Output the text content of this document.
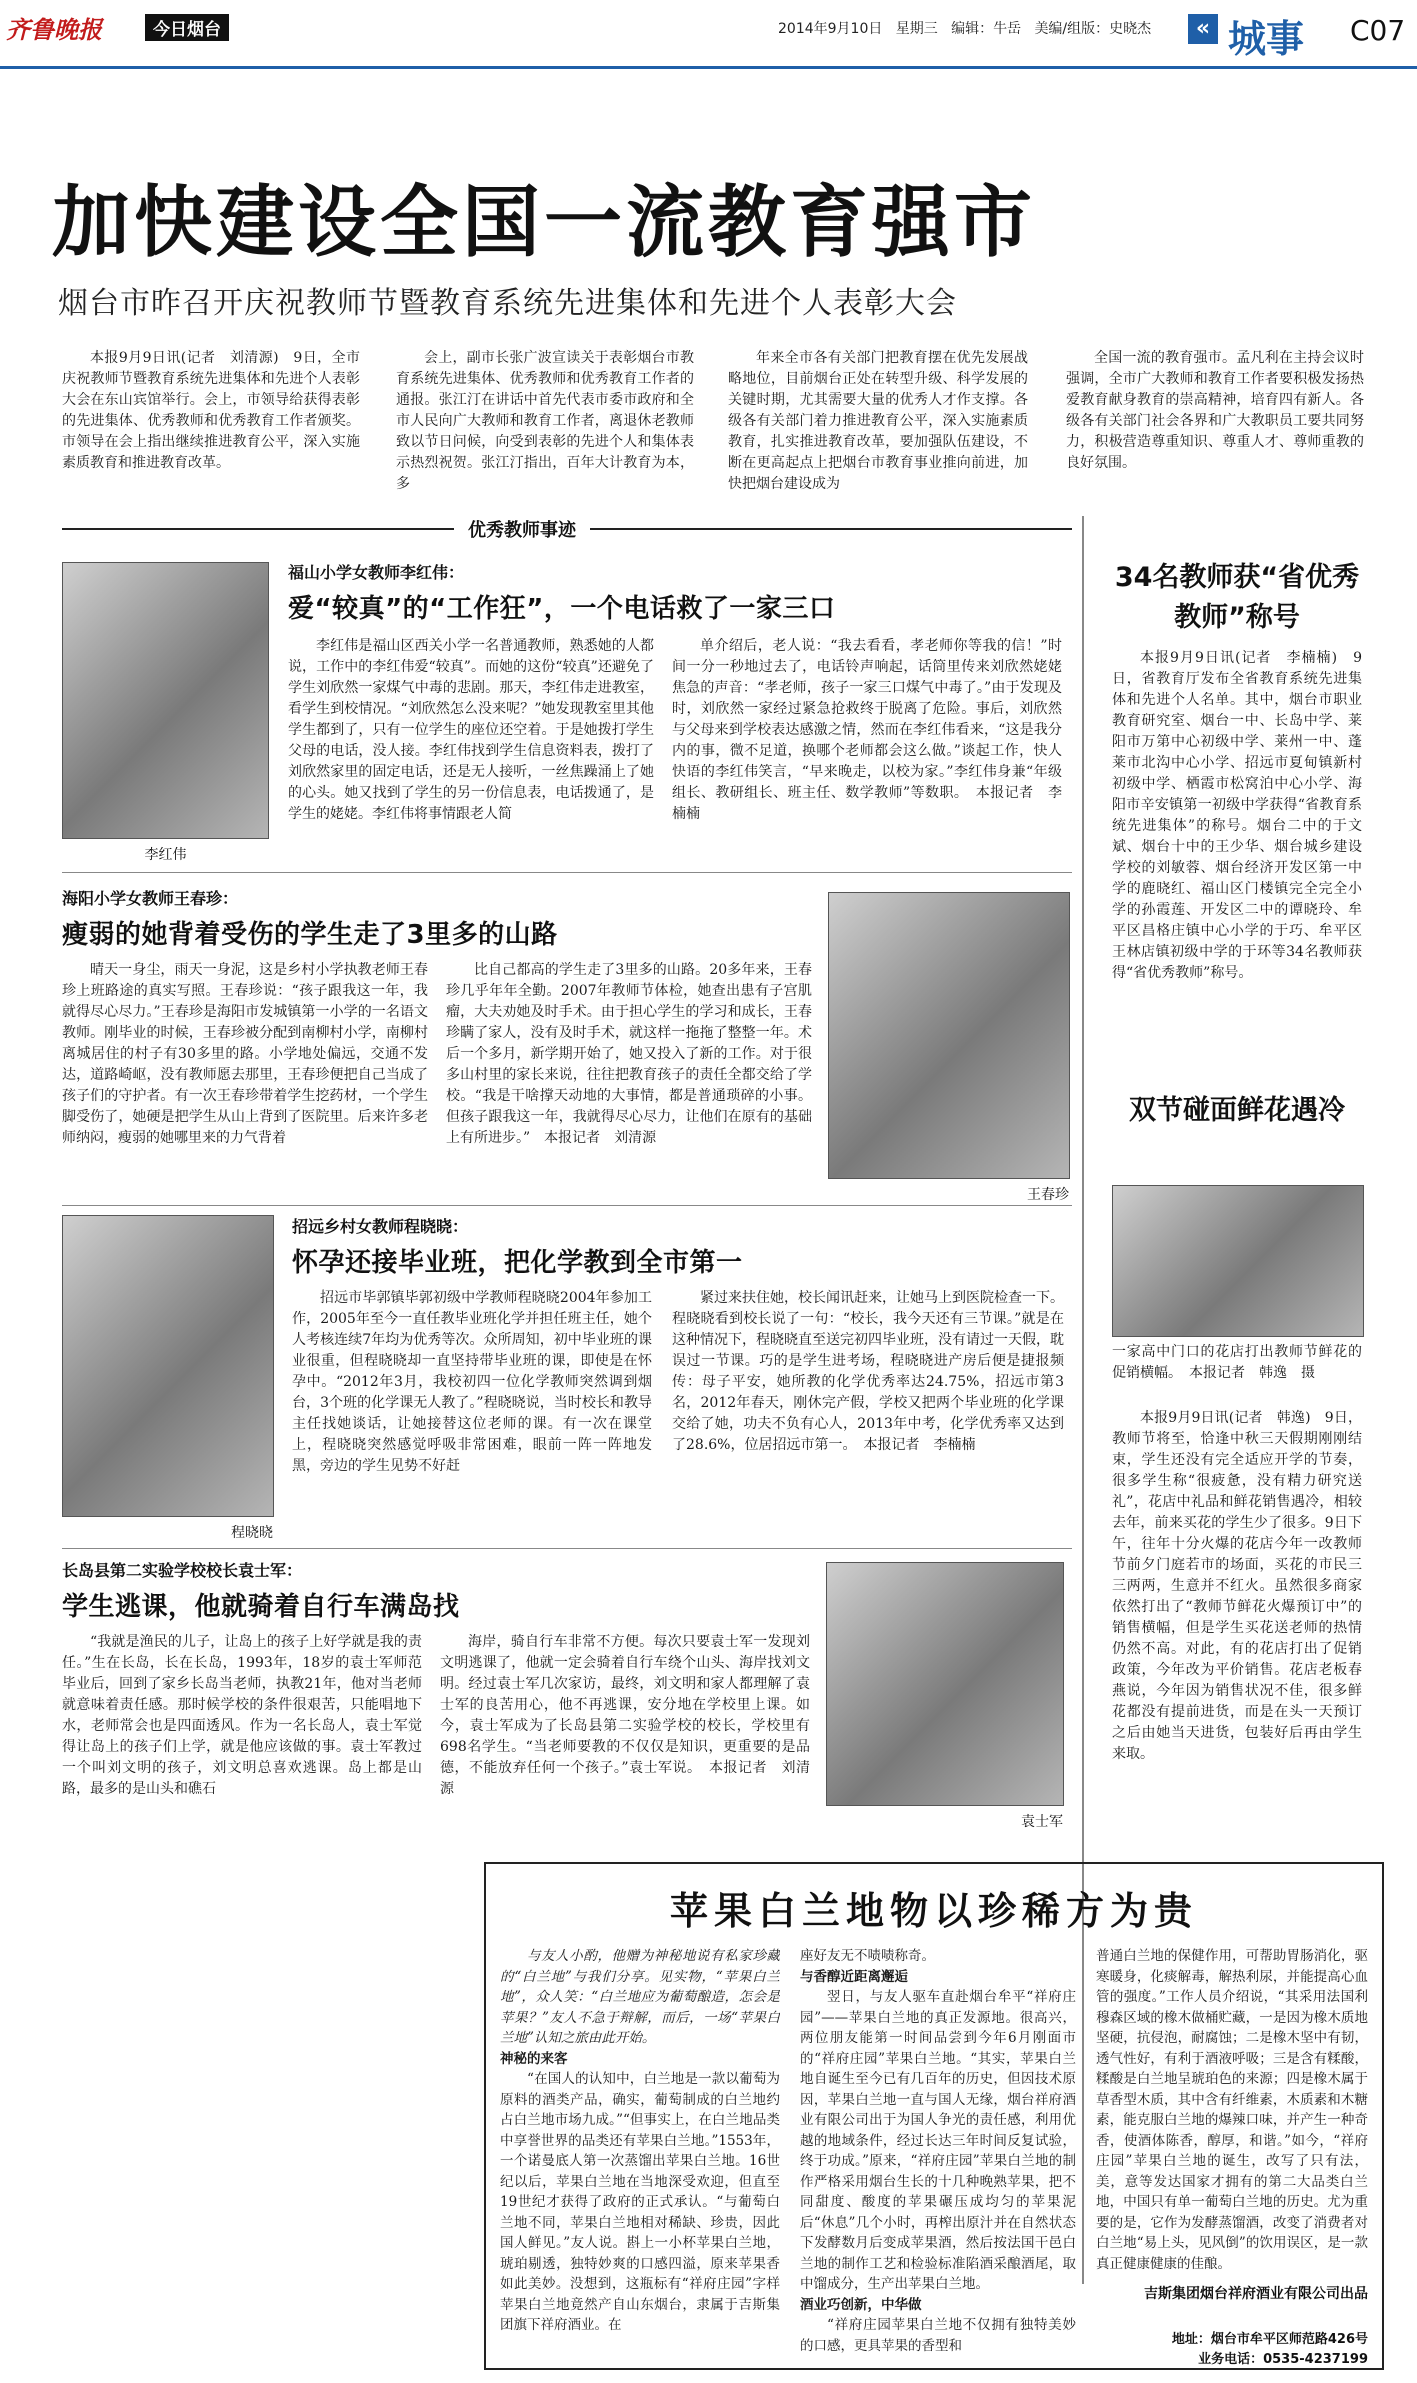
齐鲁晚报	今日烟台	2014年9月10日 星期三 编辑：牛岳 美编/组版：史晓杰	« 城事 C07
加快建设全国一流教育强市
烟台市昨召开庆祝教师节暨教育系统先进集体和先进个人表彰大会

本报9月9日讯(记者　刘清源)　9日，全市庆祝教师节暨教育系统先进集体和先进个人表彰大会在东山宾馆举行。会上，市领导给获得表彰的先进集体、优秀教师和优秀教育工作者颁奖。市领导在会上指出继续推进教育公平，深入实施素质教育和推进教育改革。

会上，副市长张广波宣读关于表彰烟台市教育系统先进集体、优秀教师和优秀教育工作者的通报。张江汀在讲话中首先代表市委市政府和全市人民向广大教师和教育工作者，离退休老教师致以节日问候，向受到表彰的先进个人和集体表示热烈祝贺。张江汀指出，百年大计教育为本，多

年来全市各有关部门把教育摆在优先发展战略地位，目前烟台正处在转型升级、科学发展的关键时期，尤其需要大量的优秀人才作支撑。各级各有关部门着力推进教育公平，深入实施素质教育，扎实推进教育改革，要加强队伍建设，不断在更高起点上把烟台市教育事业推向前进，加快把烟台建设成为

全国一流的教育强市。孟凡利在主持会议时强调，全市广大教师和教育工作者要积极发扬热爱教育献身教育的崇高精神，培育四有新人。各级各有关部门社会各界和广大教职员工要共同努力，积极营造尊重知识、尊重人才、尊师重教的良好氛围。

优秀教师事迹
李红伟
福山小学女教师李红伟：
爱“较真”的“工作狂”，一个电话救了一家三口

李红伟是福山区西关小学一名普通教师，熟悉她的人都说，工作中的李红伟爱“较真”。而她的这份“较真”还避免了学生刘欣然一家煤气中毒的悲剧。那天，李红伟走进教室，看学生到校情况。“刘欣然怎么没来呢？”她发现教室里其他学生都到了，只有一位学生的座位还空着。于是她拨打学生父母的电话，没人接。李红伟找到学生信息资料表，拨打了刘欣然家里的固定电话，还是无人接听，一丝焦躁涌上了她的心头。她又找到了学生的另一份信息表，电话拨通了，是学生的姥姥。李红伟将事情跟老人简

单介绍后，老人说：“我去看看，孝老师你等我的信！”时间一分一秒地过去了，电话铃声响起，话筒里传来刘欣然姥姥焦急的声音：“孝老师，孩子一家三口煤气中毒了。”由于发现及时，刘欣然一家经过紧急抢救终于脱离了危险。事后，刘欣然与父母来到学校表达感激之情，然而在李红伟看来，“这是我分内的事，微不足道，换哪个老师都会这么做。”谈起工作，快人快语的李红伟笑言，“早来晚走，以校为家。”李红伟身兼“年级组长、教研组长、班主任、数学教师”等数职。　本报记者　李楠楠

海阳小学女教师王春珍：
瘦弱的她背着受伤的学生走了3里多的山路

晴天一身尘，雨天一身泥，这是乡村小学执教老师王春珍上班路途的真实写照。王春珍说：“孩子跟我这一年，我就得尽心尽力。”王春珍是海阳市发城镇第一小学的一名语文教师。刚毕业的时候，王春珍被分配到南柳村小学，南柳村离城居住的村子有30多里的路。小学地处偏远，交通不发达，道路崎岖，没有教师愿去那里，王春珍便把自己当成了孩子们的守护者。有一次王春珍带着学生挖药材，一个学生脚受伤了，她硬是把学生从山上背到了医院里。后来许多老师纳闷，瘦弱的她哪里来的力气背着

比自己都高的学生走了3里多的山路。20多年来，王春珍几乎年年全勤。2007年教师节体检，她查出患有子宫肌瘤，大夫劝她及时手术。由于担心学生的学习和成长，王春珍瞒了家人，没有及时手术，就这样一拖拖了整整一年。术后一个多月，新学期开始了，她又投入了新的工作。对于很多山村里的家长来说，往往把教育孩子的责任全都交给了学校。“我是干啥撑天动地的大事情，都是普通琐碎的小事。但孩子跟我这一年，我就得尽心尽力，让他们在原有的基础上有所进步。”　本报记者　刘清源

王春珍
程晓晓
招远乡村女教师程晓晓：
怀孕还接毕业班，把化学教到全市第一

招远市毕郭镇毕郭初级中学教师程晓晓2004年参加工作，2005年至今一直任教毕业班化学并担任班主任，她个人考核连续7年均为优秀等次。众所周知，初中毕业班的课业很重，但程晓晓却一直坚持带毕业班的课，即使是在怀孕中。“2012年3月，我校初四一位化学教师突然调到烟台，3个班的化学课无人教了。”程晓晓说，当时校长和教导主任找她谈话，让她接替这位老师的课。有一次在课堂上，程晓晓突然感觉呼吸非常困难，眼前一阵一阵地发黑，旁边的学生见势不好赶

紧过来扶住她，校长闻讯赶来，让她马上到医院检查一下。程晓晓看到校长说了一句：“校长，我今天还有三节课。”就是在这种情况下，程晓晓直至送完初四毕业班，没有请过一天假，耽误过一节课。巧的是学生进考场，程晓晓进产房后便是捷报频传：母子平安，她所教的化学优秀率达24.75%，招远市第3名，2012年春天，刚休完产假，学校又把两个毕业班的化学课交给了她，功夫不负有心人，2013年中考，化学优秀率又达到了28.6%，位居招远市第一。　本报记者　李楠楠

长岛县第二实验学校校长袁士军：
学生逃课，他就骑着自行车满岛找

“我就是渔民的儿子，让岛上的孩子上好学就是我的责任。”生在长岛，长在长岛，1993年，18岁的袁士军师范毕业后，回到了家乡长岛当老师，执教21年，他对当老师就意味着责任感。那时候学校的条件很艰苦，只能唱地下水，老师常会也是四面透风。作为一名长岛人，袁士军觉得让岛上的孩子们上学，就是他应该做的事。袁士军教过一个叫刘文明的孩子，刘文明总喜欢逃课。岛上都是山路，最多的是山头和礁石

海岸，骑自行车非常不方便。每次只要袁士军一发现刘文明逃课了，他就一定会骑着自行车绕个山头、海岸找刘文明。经过袁士军几次家访，最终，刘文明和家人都理解了袁士军的良苦用心，他不再逃课，安分地在学校里上课。如今，袁士军成为了长岛县第二实验学校的校长，学校里有698名学生。“当老师要教的不仅仅是知识，更重要的是品德，不能放弃任何一个孩子。”袁士军说。　本报记者　刘清源

袁士军
34名教师获“省优秀教师”称号

本报9月9日讯(记者　李楠楠)　9日，省教育厅发布全省教育系统先进集体和先进个人名单。其中，烟台市职业教育研究室、烟台一中、长岛中学、莱阳市万第中心初级中学、莱州一中、蓬莱市北沟中心小学、招远市夏甸镇新村初级中学、栖霞市松窝泊中心小学、海阳市辛安镇第一初级中学获得“省教育系统先进集体”的称号。烟台二中的于文斌、烟台十中的王少华、烟台城乡建设学校的刘敏蓉、烟台经济开发区第一中学的鹿晓红、福山区门楼镇完全完全小学的孙霞莲、开发区二中的谭晓玲、牟平区昌格庄镇中心小学的于巧、牟平区王林店镇初级中学的于环等34名教师获得“省优秀教师”称号。

双节碰面鲜花遇冷
一家高中门口的花店打出教师节鲜花的促销横幅。　本报记者　韩逸　摄

本报9月9日讯(记者　韩逸)　9日，教师节将至，恰逢中秋三天假期刚刚结束，学生还没有完全适应开学的节奏，很多学生称“很疲惫，没有精力研究送礼”，花店中礼品和鲜花销售遇冷，相较去年，前来买花的学生少了很多。9日下午，往年十分火爆的花店今年一改教师节前夕门庭若市的场面，买花的市民三三两两，生意并不红火。虽然很多商家依然打出了“教师节鲜花火爆预订中”的销售横幅，但是学生买花送老师的热情仍然不高。对此，有的花店打出了促销政策，今年改为平价销售。花店老板春燕说，今年因为销售状况不佳，很多鲜花都没有提前进货，而是在头一天预订之后由她当天进货，包装好后再由学生来取。

苹果白兰地物以珍稀方为贵

与友人小酌，他赠为神秘地说有私家珍藏的“白兰地”与我们分享。见实物，“苹果白兰地”，众人笑：“白兰地应为葡萄酿造，怎会是苹果？”友人不急于辩解，而后，一场“苹果白兰地”认知之旅由此开始。

神秘的来客

“在国人的认知中，白兰地是一款以葡萄为原料的酒类产品，确实，葡萄制成的白兰地约占白兰地市场九成。”“但事实上，在白兰地品类中享誉世界的品类还有苹果白兰地。”1553年，一个诺曼底人第一次蒸馏出苹果白兰地。16世纪以后，苹果白兰地在当地深受欢迎，但直至19世纪才获得了政府的正式承认。“与葡萄白兰地不同，苹果白兰地相对稀缺、珍贵，因此国人鲜见。”友人说。斟上一小杯苹果白兰地，琥珀剔透，独特妙爽的口感四溢，原来苹果香如此美妙。没想到，这瓶标有“祥府庄园”字样苹果白兰地竟然产自山东烟台，隶属于吉斯集团旗下祥府酒业。在

座好友无不啧啧称奇。

与香醇近距离邂逅

翌日，与友人驱车直赴烟台牟平“祥府庄园”——苹果白兰地的真正发源地。很高兴，两位朋友能第一时间品尝到今年6月刚面市的“祥府庄园”苹果白兰地。“其实，苹果白兰地自诞生至今已有几百年的历史，但因技术原因，苹果白兰地一直与国人无缘，烟台祥府酒业有限公司出于为国人争光的责任感，利用优越的地域条件，经过长达三年时间反复试验，终于功成。”原来，“祥府庄园”苹果白兰地的制作严格采用烟台生长的十几种晚熟苹果，把不同甜度、酸度的苹果碾压成均匀的苹果泥后“休息”几个小时，再榨出原汁并在自然状态下发酵数月后变成苹果酒，然后按法国干邑白兰地的制作工艺和检验标准陷酒采酿酒尾，取中馏成分，生产出苹果白兰地。

酒业巧创新，中华做

“祥府庄园苹果白兰地不仅拥有独特美妙的口感，更具苹果的香型和

普通白兰地的保健作用，可帮助胃肠消化，驱寒暖身，化痰解毒，解热利尿，并能提高心血管的强度。”工作人员介绍说，“其采用法国利穆森区域的橡木做桶贮藏，一是因为橡木质地坚硬，抗侵泡，耐腐蚀；二是橡木坚中有韧，透气性好，有利于酒液呼吸；三是含有糅酸，糅酸是白兰地呈琥珀色的来源；四是橡木属于草香型木质，其中含有纤维素，木质素和木糖素，能克服白兰地的爆辣口味，并产生一种奇香，使酒体陈香，醇厚，和谐。”如今，“祥府庄园”苹果白兰地的诞生，改写了只有法，美，意等发达国家才拥有的第二大品类白兰地，中国只有单一葡萄白兰地的历史。尤为重要的是，它作为发酵蒸馏酒，改变了消费者对白兰地“易上头，见风倒”的饮用误区，是一款真正健康健康的佳酿。

吉斯集团烟台祥府酒业有限公司出品
地址：烟台市牟平区师范路426号
业务电话：0535-4237199
